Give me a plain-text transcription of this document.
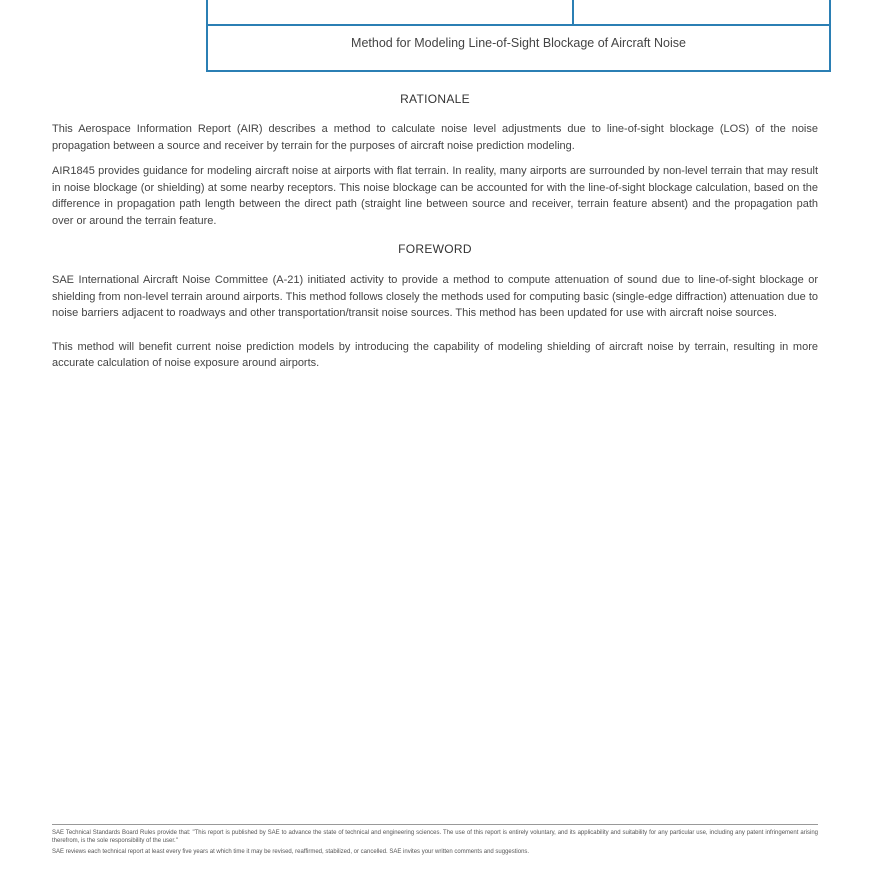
Method for Modeling Line-of-Sight Blockage of Aircraft Noise
RATIONALE

This Aerospace Information Report (AIR) describes a method to calculate noise level adjustments due to line-of-sight blockage (LOS) of the noise propagation between a source and receiver by terrain for the purposes of aircraft noise prediction modeling.

AIR1845 provides guidance for modeling aircraft noise at airports with flat terrain. In reality, many airports are surrounded by non-level terrain that may result in noise blockage (or shielding) at some nearby receptors. This noise blockage can be accounted for with the line-of-sight blockage calculation, based on the difference in propagation path length between the direct path (straight line between source and receiver, terrain feature absent) and the propagation path over or around the terrain feature.

FOREWORD

SAE International Aircraft Noise Committee (A-21) initiated activity to provide a method to compute attenuation of sound due to line-of-sight blockage or shielding from non-level terrain around airports. This method follows closely the methods used for computing basic (single-edge diffraction) attenuation due to noise barriers adjacent to roadways and other transportation/transit noise sources. This method has been updated for use with aircraft noise sources.

This method will benefit current noise prediction models by introducing the capability of modeling shielding of aircraft noise by terrain, resulting in more accurate calculation of noise exposure around airports.

SAE Technical Standards Board Rules provide that: "This report is published by SAE to advance the state of technical and engineering sciences. The use of this report is entirely voluntary, and its applicability and suitability for any particular use, including any patent infringement arising therefrom, is the sole responsibility of the user."

SAE reviews each technical report at least every five years at which time it may be revised, reaffirmed, stabilized, or cancelled. SAE invites your written comments and suggestions.
